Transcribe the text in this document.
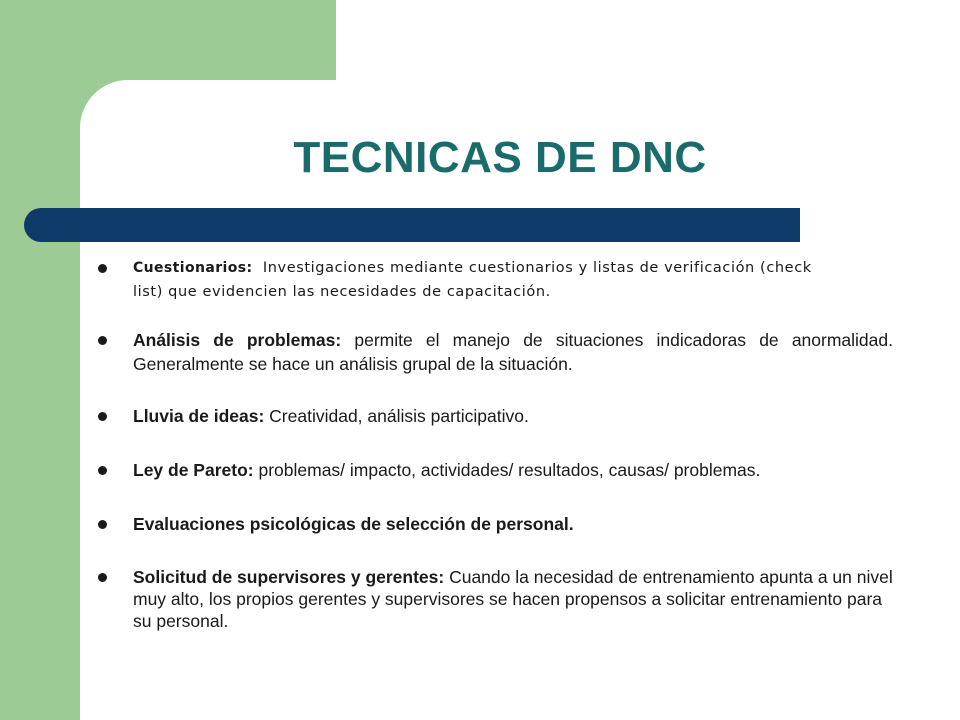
TECNICAS DE DNC
Cuestionarios:  Investigaciones mediante cuestionarios y listas de verificación (check list) que evidencien las necesidades de capacitación.
Análisis de problemas: permite el manejo de situaciones indicadoras de anormalidad. Generalmente se hace un análisis grupal de la situación.
Lluvia de ideas: Creatividad, análisis participativo.
Ley de Pareto: problemas/ impacto, actividades/ resultados, causas/ problemas.
Evaluaciones psicológicas de selección de personal.
Solicitud de supervisores y gerentes: Cuando la necesidad de entrenamiento apunta a un nivel muy alto, los propios gerentes y supervisores se hacen propensos a solicitar entrenamiento para su personal.
